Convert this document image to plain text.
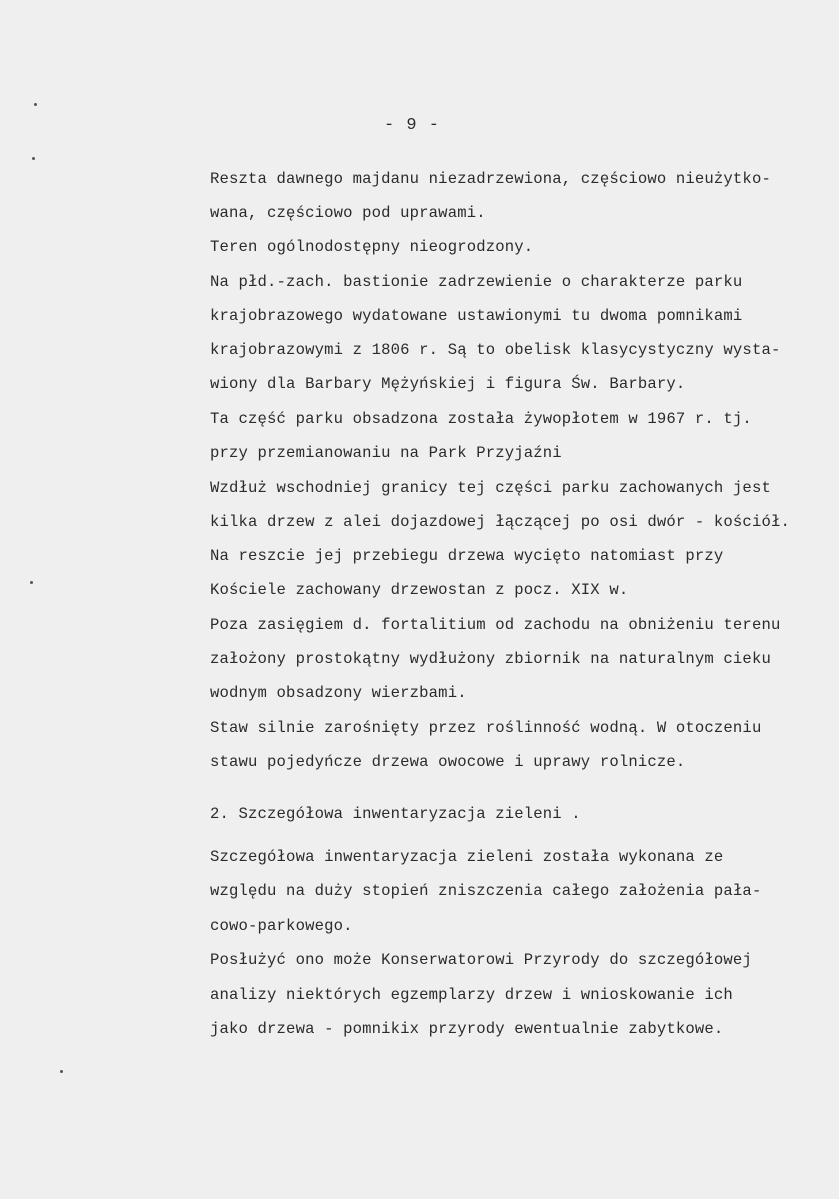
- 9 -
Reszta dawnego majdanu niezadrzewiona, częściowo nieużytko-
wana, częściowo pod uprawami.
Teren ogólnodostępny nieogrodzony.
Na płd.-zach. bastionie zadrzewienie o charakterze parku
krajobrazowego wydatowane ustawionymi tu dwoma pomnikami
krajobrazowymi z 1806 r. Są to obelisk klasycystyczny wysta-
wiony dla Barbary Mężyńskiej i figura Św. Barbary.
Ta część parku obsadzona została żywopłotem w 1967 r. tj.
przy przemianowaniu na Park Przyjaźni
Wzdłuż wschodniej granicy tej części parku zachowanych jest
kilka drzew z alei dojazdowej łączącej po osi dwór - kościół.
Na reszcie jej przebiegu drzewa wycięto natomiast przy
Kościele zachowany drzewostan z pocz. XIX w.
Poza zasięgiem d. fortalitium od zachodu na obniżeniu terenu
założony prostokątny wydłużony zbiornik na naturalnym cieku
wodnym obsadzony wierzbami.
Staw silnie zarośnięty przez roślinność wodną. W otoczeniu
stawu pojedyńcze drzewa owocowe i uprawy rolnicze.
2. Szczegółowa inwentaryzacja zieleni .
Szczegółowa inwentaryzacja zieleni została wykonana ze
względu na duży stopień zniszczenia całego założenia pała-
cowo-parkowego.
Posłużyć ono może Konserwatorowi Przyrody do szczegółowej
analizy niektórych egzemplarzy drzew i wnioskowanie ich
jako drzewa - pomnikix przyrody ewentualnie zabytkowe.
